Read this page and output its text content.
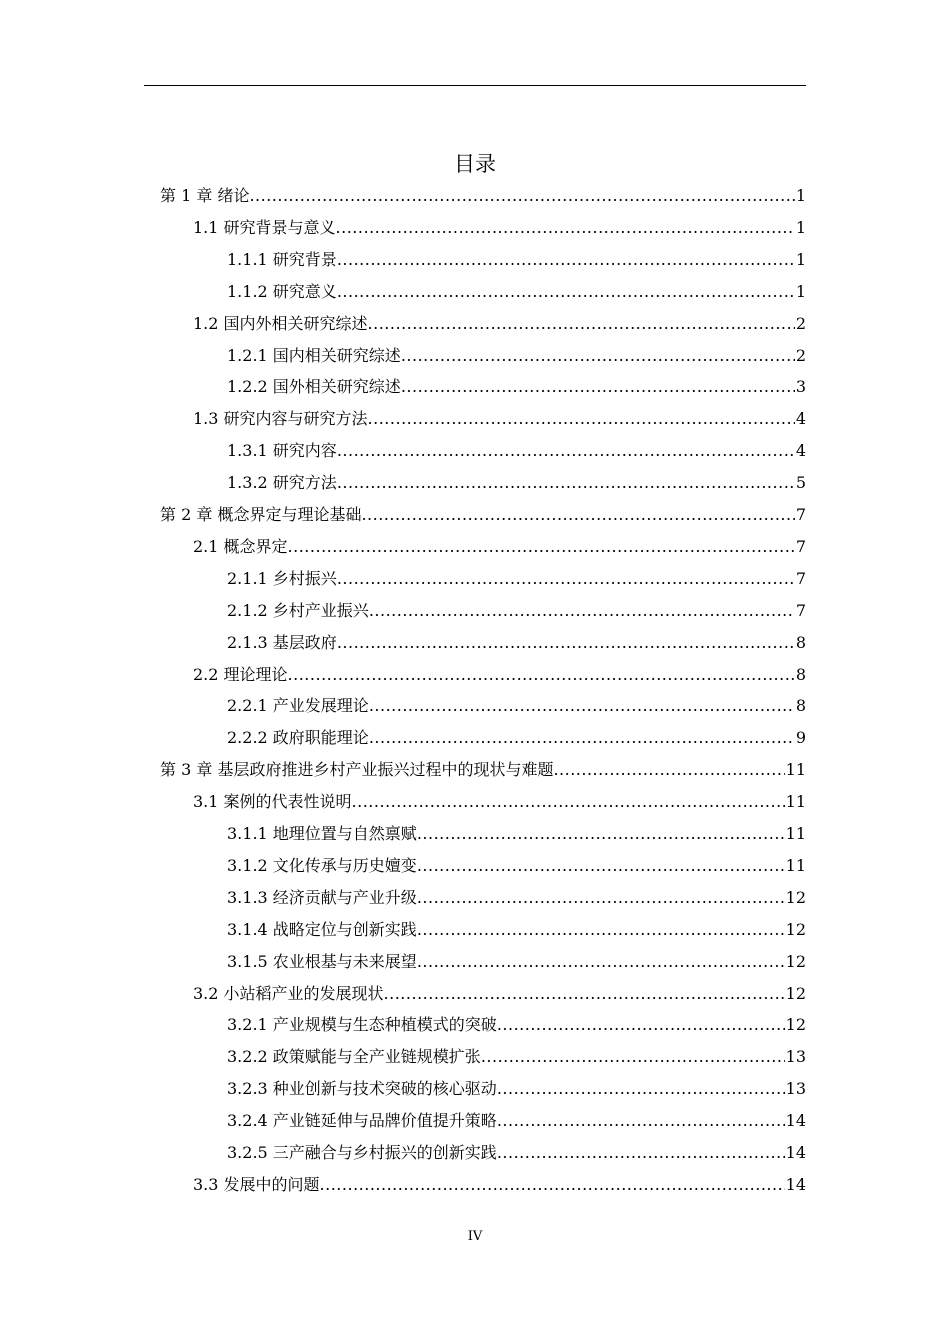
目录
第 1 章 绪论 .....	1
1.1 研究背景与意义 .....	1
1.1.1 研究背景 .....	1
1.1.2 研究意义 .....	1
1.2 国内外相关研究综述 .....	2
1.2.1 国内相关研究综述 .....	2
1.2.2 国外相关研究综述 .....	3
1.3 研究内容与研究方法 .....	4
1.3.1 研究内容 .....	4
1.3.2 研究方法 .....	5
第 2 章 概念界定与理论基础 .....	7
2.1 概念界定 .....	7
2.1.1 乡村振兴 .....	7
2.1.2 乡村产业振兴 .....	7
2.1.3 基层政府 .....	8
2.2 理论理论 .....	8
2.2.1 产业发展理论 .....	8
2.2.2 政府职能理论 .....	9
第 3 章 基层政府推进乡村产业振兴过程中的现状与难题 .....	11
3.1 案例的代表性说明 .....	11
3.1.1 地理位置与自然禀赋 .....	11
3.1.2 文化传承与历史嬗变 .....	11
3.1.3 经济贡献与产业升级 .....	12
3.1.4 战略定位与创新实践 .....	12
3.1.5 农业根基与未来展望 .....	12
3.2 小站稻产业的发展现状 .....	12
3.2.1 产业规模与生态种植模式的突破 .....	12
3.2.2 政策赋能与全产业链规模扩张 .....	13
3.2.3 种业创新与技术突破的核心驱动 .....	13
3.2.4 产业链延伸与品牌价值提升策略 .....	14
3.2.5 三产融合与乡村振兴的创新实践 .....	14
3.3 发展中的问题 .....	14
IV
